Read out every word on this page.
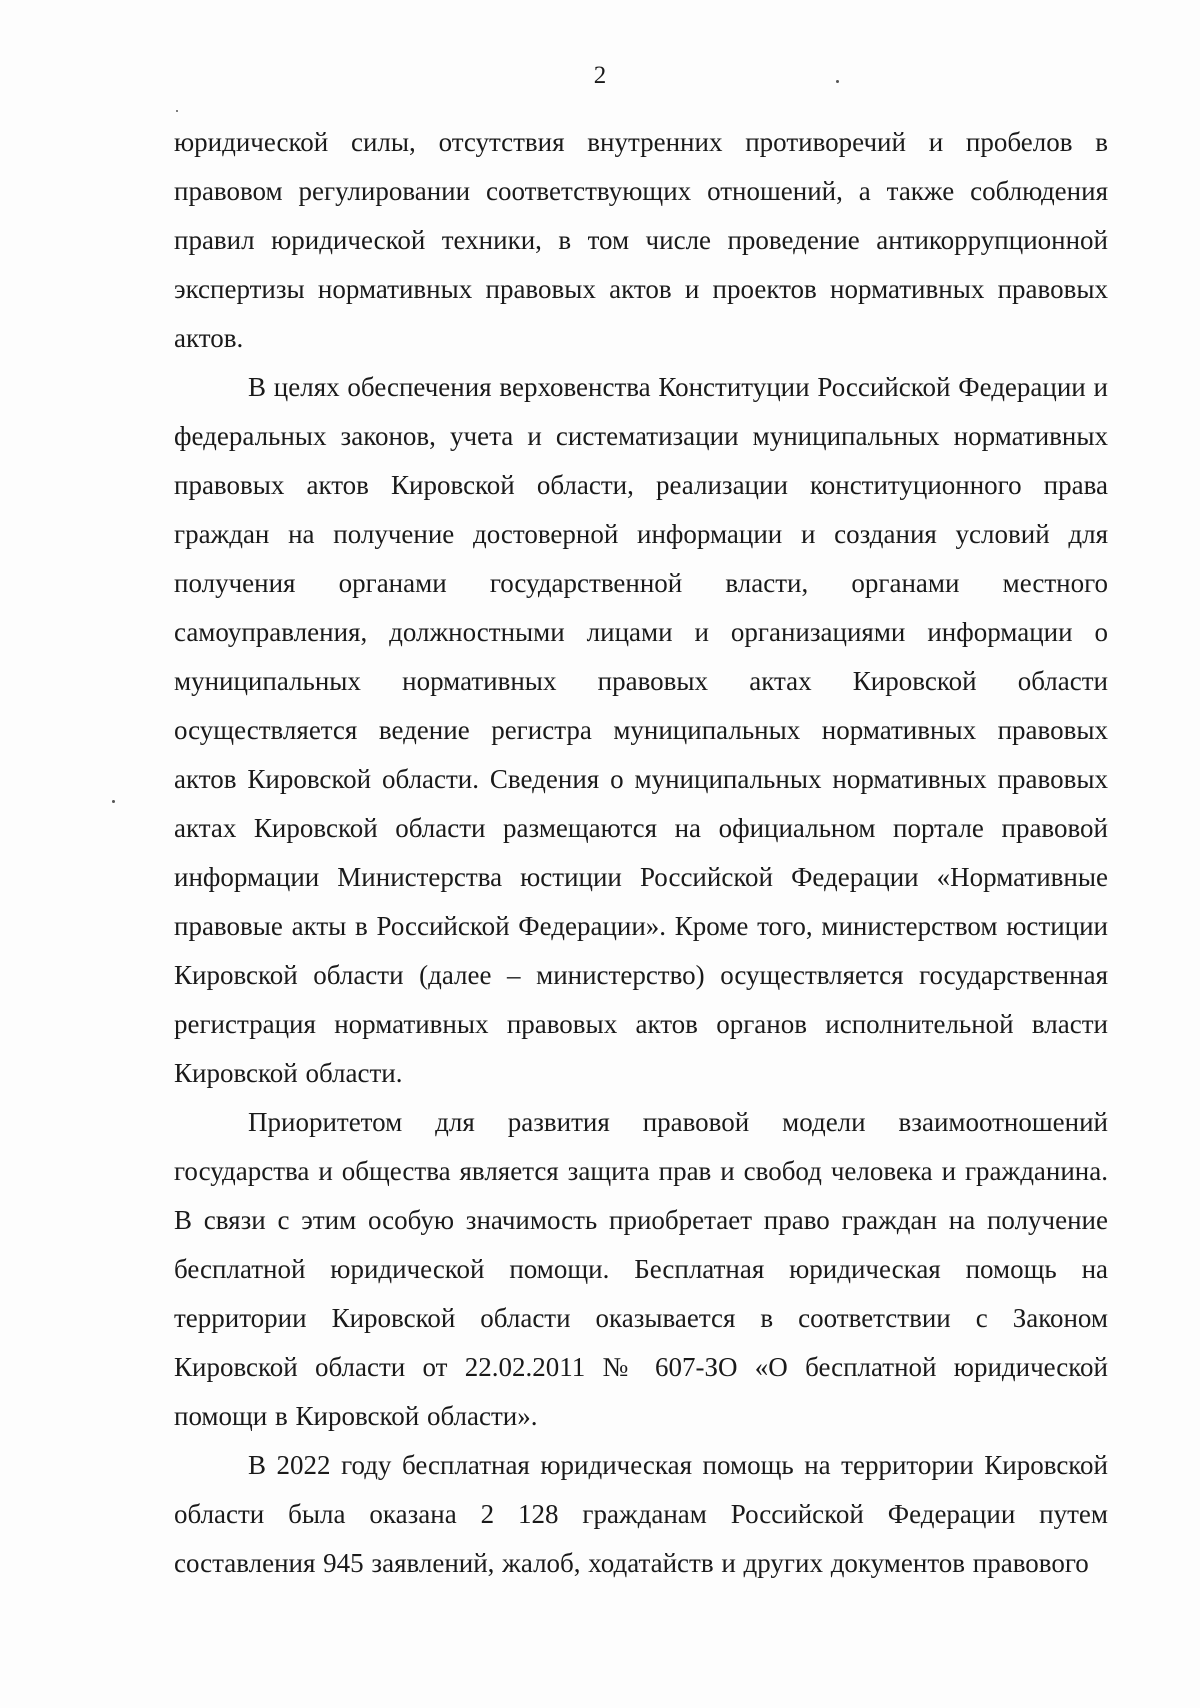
2

юридической силы, отсутствия внутренних противоречий и пробелов в правовом регулировании соответствующих отношений, а также соблюдения правил юридической техники, в том числе проведение антикоррупционной экспертизы нормативных правовых актов и проектов нормативных правовых актов.

В целях обеспечения верховенства Конституции Российской Федерации и федеральных законов, учета и систематизации муниципальных нормативных правовых актов Кировской области, реализации конституционного права граждан на получение достоверной информации и создания условий для получения органами государственной власти, органами местного самоуправления, должностными лицами и организациями информации о муниципальных нормативных правовых актах Кировской области осуществляется ведение регистра муниципальных нормативных правовых актов Кировской области. Сведения о муниципальных нормативных правовых актах Кировской области размещаются на официальном портале правовой информации Министерства юстиции Российской Федерации «Нормативные правовые акты в Российской Федерации». Кроме того, министерством юстиции Кировской области (далее – министерство) осуществляется государственная регистрация нормативных правовых актов органов исполнительной власти Кировской области.

Приоритетом для развития правовой модели взаимоотношений государства и общества является защита прав и свобод человека и гражданина. В связи с этим особую значимость приобретает право граждан на получение бесплатной юридической помощи. Бесплатная юридическая помощь на территории Кировской области оказывается в соответствии с Законом Кировской области от 22.02.2011 № 607-ЗО «О бесплатной юридической помощи в Кировской области».

В 2022 году бесплатная юридическая помощь на территории Кировской области была оказана 2 128 гражданам Российской Федерации путем составления 945 заявлений, жалоб, ходатайств и других документов правового
